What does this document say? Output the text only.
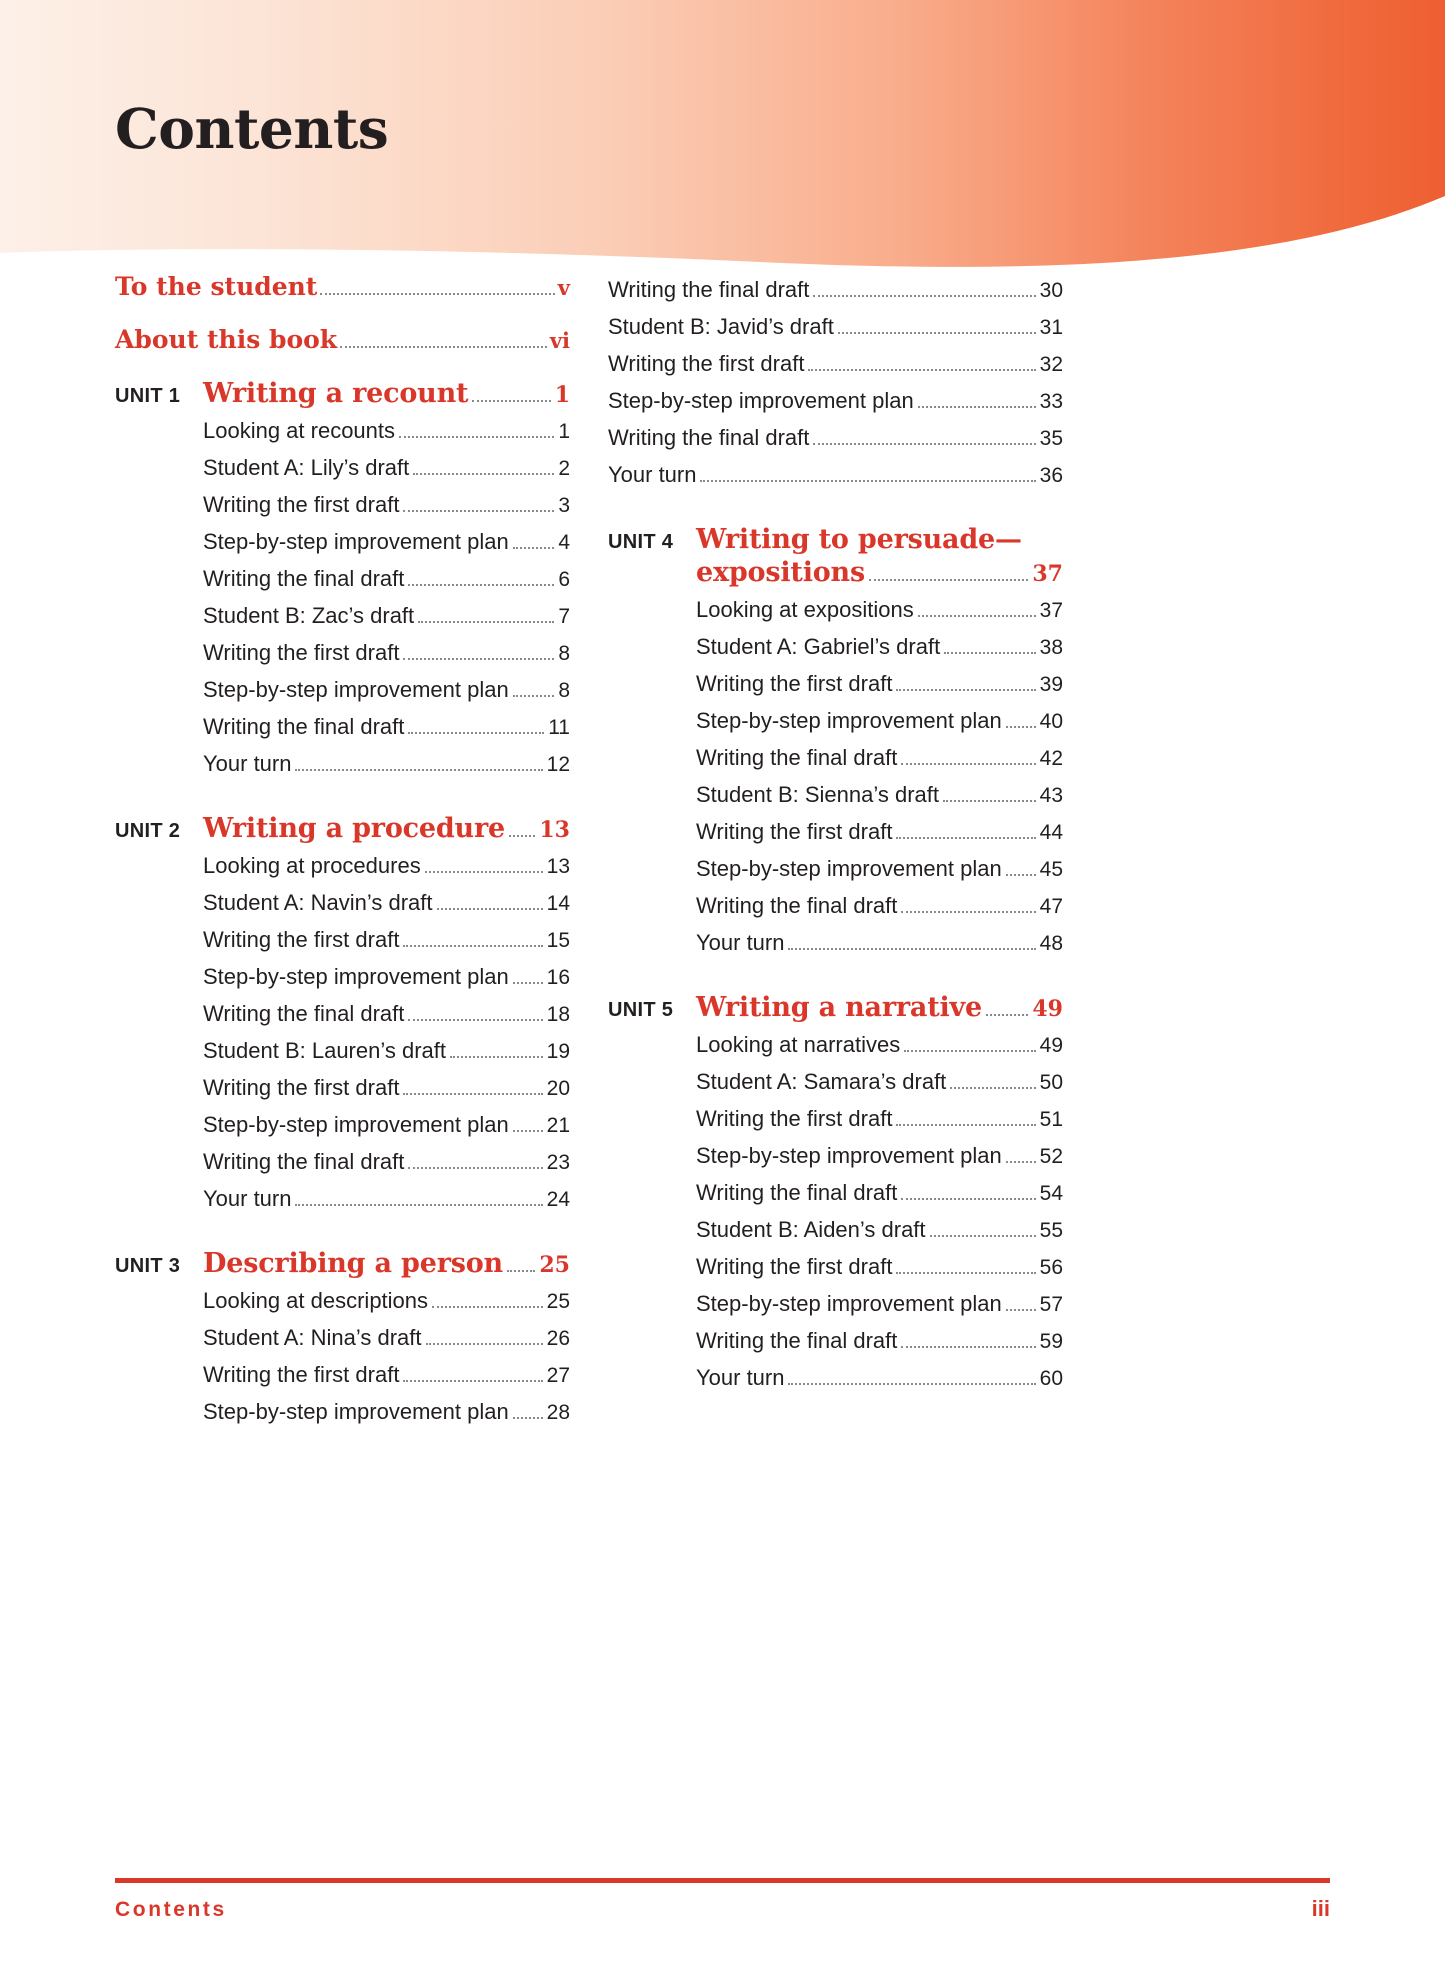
Contents
To the student	v
About this book	vi
UNIT 1 Writing a recount	1
Looking at recounts	1
Student A: Lily’s draft	2
Writing the first draft	3
Step-by-step improvement plan 4
Writing the final draft	6
Student B: Zac’s draft	7
Writing the first draft	8
Step-by-step improvement plan 8
Writing the final draft	11
Your turn	12
UNIT 2 Writing a procedure 13
Looking at procedures	13
Student A: Navin’s draft	14
Writing the first draft	15
Step-by-step improvement plan 16
Writing the final draft	18
Student B: Lauren’s draft	19
Writing the first draft	20
Step-by-step improvement plan 21
Writing the final draft	23
Your turn	24
UNIT 3 Describing a person 25
Looking at descriptions	25
Student A: Nina’s draft	26
Writing the first draft	27
Step-by-step improvement plan 28
Writing the final draft	30
Student B: Javid’s draft	31
Writing the first draft	32
Step-by-step improvement plan	33
Writing the final draft	35
Your turn	36
UNIT 4 Writing to persuade—
expositions	37
Looking at expositions	37
Student A: Gabriel’s draft	38
Writing the first draft	39
Step-by-step improvement plan 40
Writing the final draft	42
Student B: Sienna’s draft	43
Writing the first draft	44
Step-by-step improvement plan 45
Writing the final draft	47
Your turn	48
UNIT 5 Writing a narrative 49
Looking at narratives	49
Student A: Samara’s draft	50
Writing the first draft	51
Step-by-step improvement plan 52
Writing the final draft	54
Student B: Aiden’s draft	55
Writing the first draft	56
Step-by-step improvement plan 57
Writing the final draft	59
Your turn	60
Contents	iii
